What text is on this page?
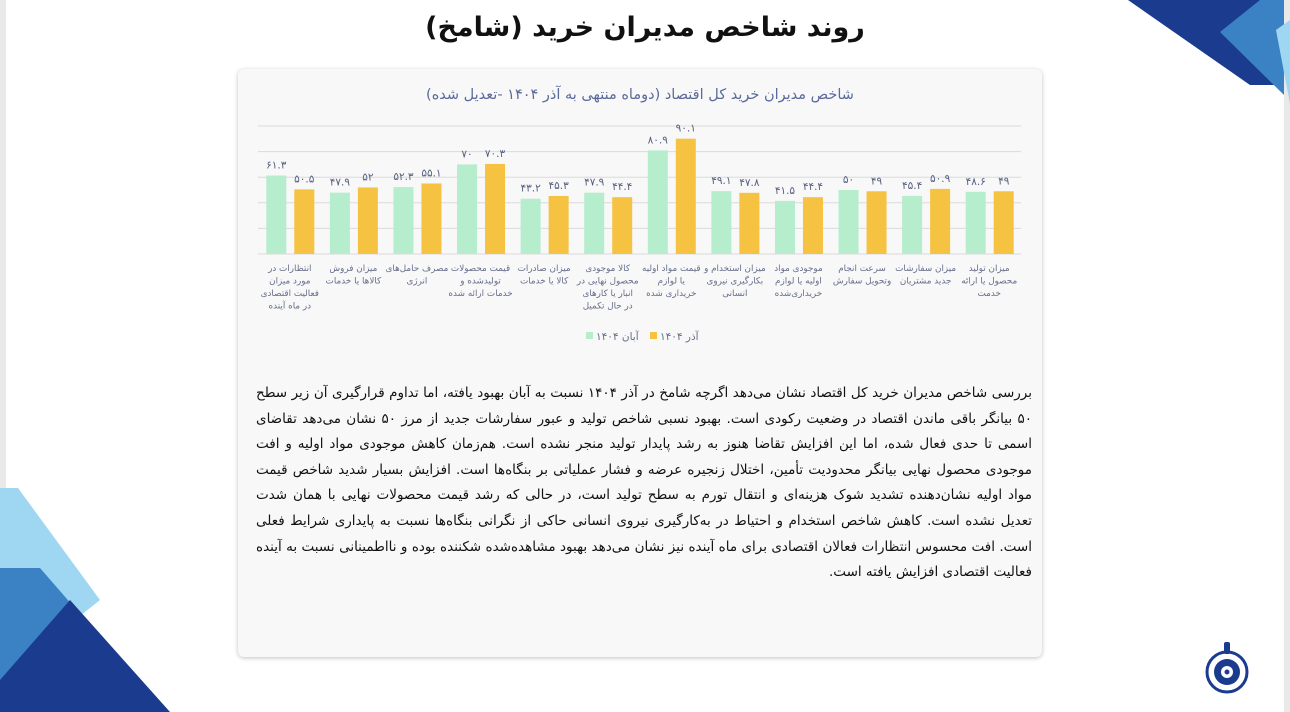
روند شاخص مدیران خرید (شامخ)
شاخص مدیران خرید کل اقتصاد (دوماه منتهی به آذر ۱۴۰۴ -تعدیل شده)
۴۸.۶ ۴۹
۴۵.۴
۵۰.۹
۵۰ ۴۹
۴۱.۵ ۴۴.۴
۴۹.۱ ۴۷.۸
۸۰.۹
۹۰.۱
۴۷.۹ ۴۴.۴
۴۳.۲ ۴۵.۳
۷۰ ۷۰.۳
۵۲.۳ ۵۵.۱
۴۷.۹ ۵۲
۶۱.۳
۵۰.۵
میزان تولید
محصول یا ارائه
خدمت
میزان سفارشات
جدید مشتریان
سرعت انجام
وتحویل سفارش
موجودی مواد
اولیه یا لوازم
خریداری‌شده
میزان استخدام و
بکارگیری نیروی
انسانی
قیمت مواد اولیه
یا لوازم
خریداری شده
کالا موجودی
محصول نهایی در
انبار یا کارهای
در حال تکمیل
میزان صادرات
کالا یا خدمات
قیمت محصولات
تولیدشده و
خدمات ارائه شده
مصرف حامل‌های
انرژی
میزان فروش
کالاها یا خدمات
انتظارات در
مورد میزان
فعالیت اقتصادی
در ماه آینده
آذر ۱۴۰۴
آبان ۱۴۰۴

بررسی شاخص مدیران خرید کل اقتصاد نشان می‌دهد اگرچه شامخ در آذر ۱۴۰۴ نسبت به آبان بهبود یافته، اما تداوم قرارگیری آن زیر سطح ۵۰ بیانگر باقی ماندن اقتصاد در وضعیت رکودی است. بهبود نسبی شاخص تولید و عبور سفارشات جدید از مرز ۵۰ نشان می‌دهد تقاضای اسمی تا حدی فعال شده، اما این افزایش تقاضا هنوز به رشد پایدار تولید منجر نشده است. هم‌زمان کاهش موجودی مواد اولیه و افت موجودی محصول نهایی بیانگر محدودیت تأمین، اختلال زنجیره عرضه و فشار عملیاتی بر بنگاه‌ها است. افزایش بسیار شدید شاخص قیمت مواد اولیه نشان‌دهنده تشدید شوک هزینه‌ای و انتقال تورم به سطح تولید است، در حالی که رشد قیمت محصولات نهایی با همان شدت تعدیل نشده است. کاهش شاخص استخدام و احتیاط در به‌کارگیری نیروی انسانی حاکی از نگرانی بنگاه‌ها نسبت به پایداری شرایط فعلی است. افت محسوس انتظارات فعالان اقتصادی برای ماه آینده نیز نشان می‌دهد بهبود مشاهده‌شده شکننده بوده و نااطمینانی نسبت به آینده فعالیت اقتصادی افزایش یافته است.
